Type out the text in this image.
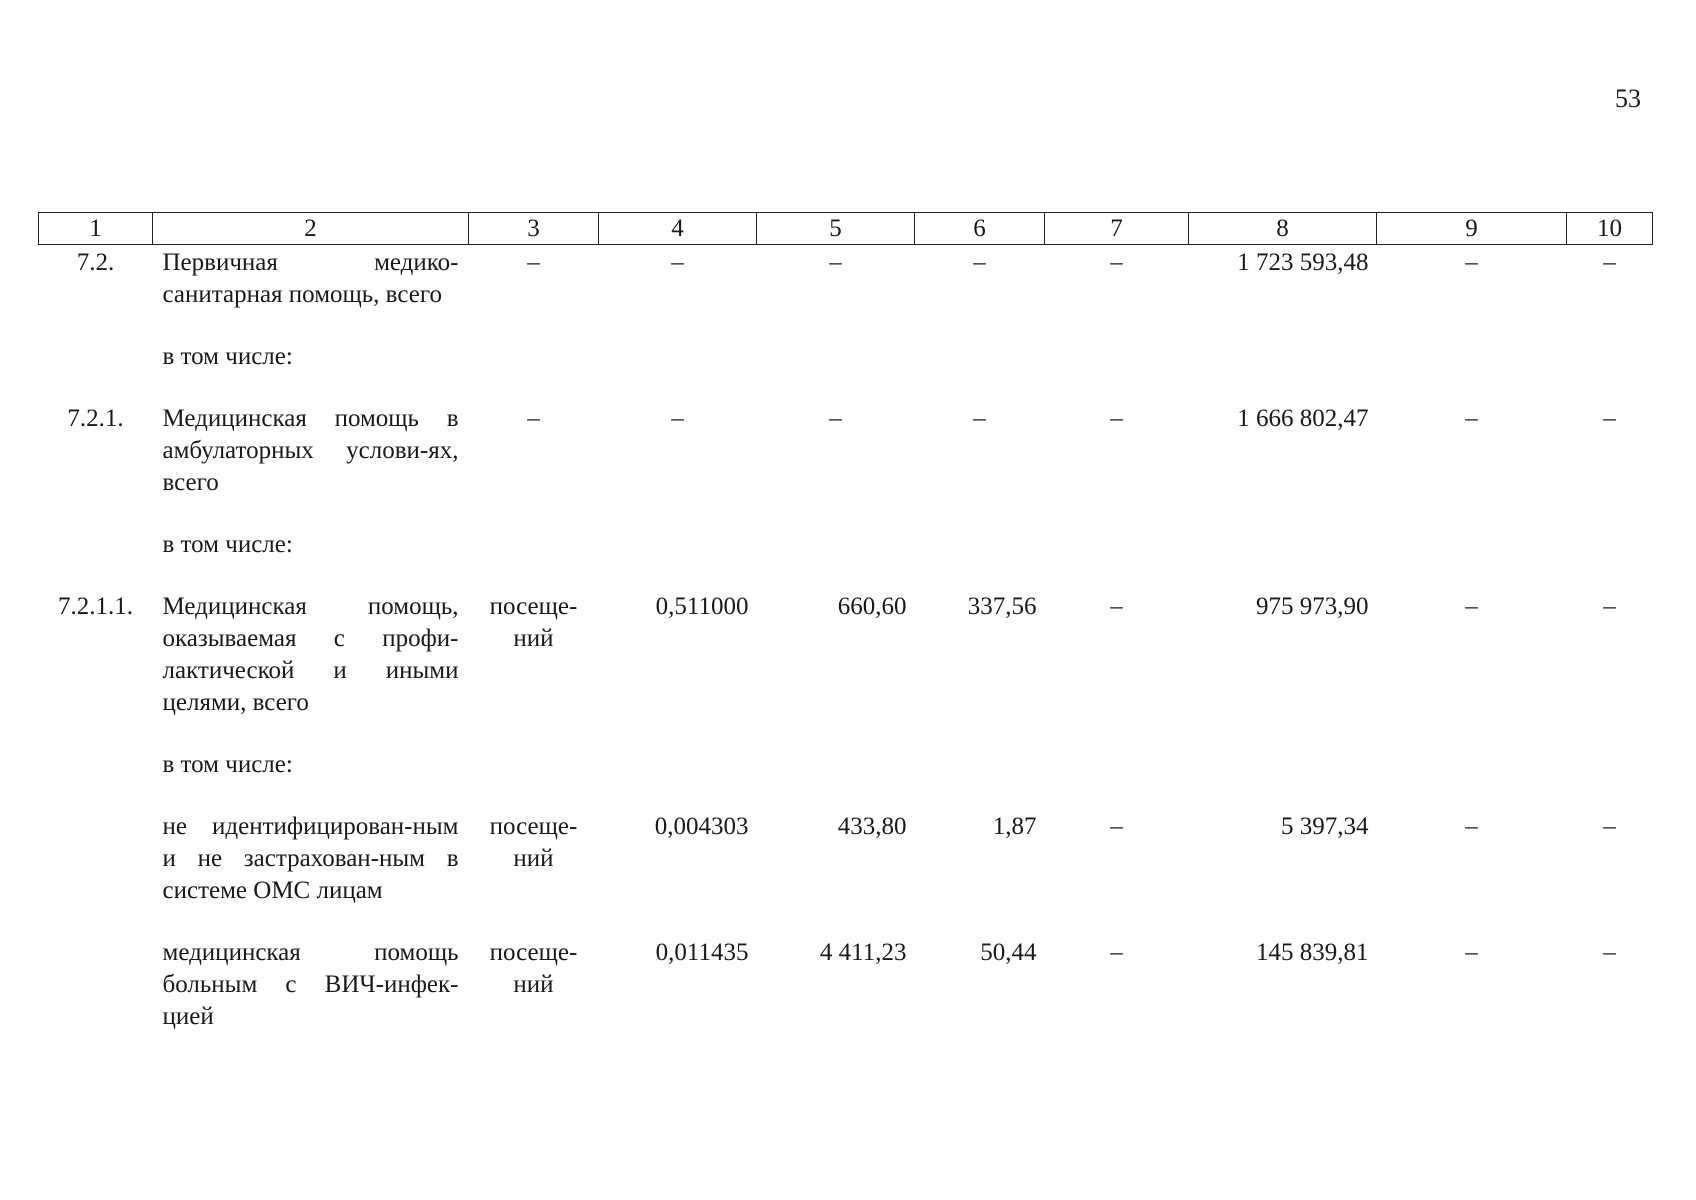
53
1	2	3	4	5	6	7	8	9	10
7.2.	Первичная медико-санитарная помощь, всего	–	–	–	–	–	1 723 593,48	–	–
	в том числе:								
7.2.1.	Медицинская помощь в амбулаторных услови-ях, всего	–	–	–	–	–	1 666 802,47	–	–
	в том числе:								
7.2.1.1.	Медицинская помощь, оказываемая с профи-лактической и иными целями, всего	посеще-ний	0,511000	660,60	337,56	–	975 973,90	–	–
	в том числе:								
	не идентифицирован-ным и не застрахован-ным в системе ОМС лицам	посеще-ний	0,004303	433,80	1,87	–	5 397,34	–	–
	медицинская помощь больным с ВИЧ-инфек-цией	посеще-ний	0,011435	4 411,23	50,44	–	145 839,81	–	–
